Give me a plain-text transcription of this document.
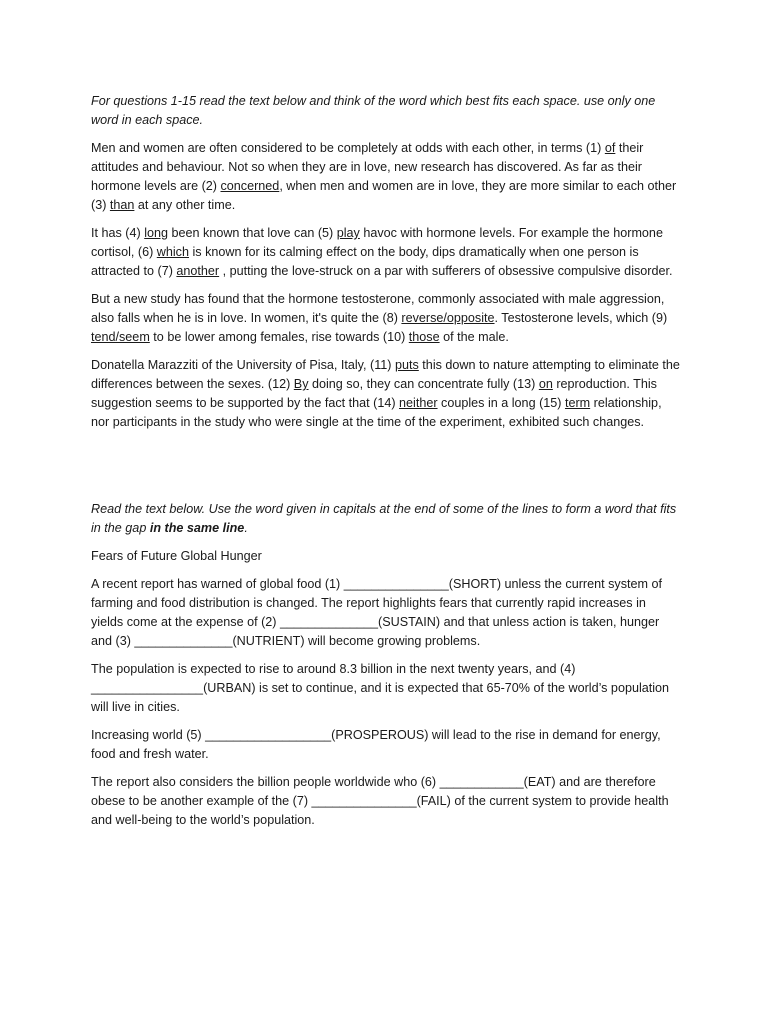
For questions 1-15 read the text below and think of the word which best fits each space. use only one word in each space.
Men and women are often considered to be completely at odds with each other, in terms (1) of their attitudes and behaviour. Not so when they are in love, new research has discovered. As far as their hormone levels are (2) concerned, when men and women are in love, they are more similar to each other (3) than at any other time.
It has (4) long been known that love can (5) play havoc with hormone levels. For example the hormone cortisol, (6) which is known for its calming effect on the body, dips dramatically when one person is attracted to (7) another , putting the love-struck on a par with sufferers of obsessive compulsive disorder.
But a new study has found that the hormone testosterone, commonly associated with male aggression, also falls when he is in love. In women, it's quite the (8) reverse/opposite. Testosterone levels, which (9) tend/seem to be lower among females, rise towards (10) those of the male.
Donatella Marazziti of the University of Pisa, Italy, (11) puts this down to nature attempting to eliminate the differences between the sexes. (12) By doing so, they can concentrate fully (13) on reproduction. This suggestion seems to be supported by the fact that (14) neither couples in a long (15) term relationship, nor participants in the study who were single at the time of the experiment, exhibited such changes.
Read the text below. Use the word given in capitals at the end of some of the lines to form a word that fits in the gap in the same line.
Fears of Future Global Hunger
A recent report has warned of global food (1) _______________(SHORT) unless the current system of farming and food distribution is changed. The report highlights fears that currently rapid increases in yields come at the expense of (2) ______________(SUSTAIN) and that unless action is taken, hunger and (3) ______________(NUTRIENT) will become growing problems.
The population is expected to rise to around 8.3 billion in the next twenty years, and (4) ________________(URBAN) is set to continue, and it is expected that 65-70% of the world’s population will live in cities.
Increasing world (5) __________________(PROSPEROUS) will lead to the rise in demand for energy, food and fresh water.
The report also considers the billion people worldwide who (6) ____________(EAT) and are therefore obese to be another example of the (7) _______________(FAIL) of the current system to provide health and well-being to the world’s population.
